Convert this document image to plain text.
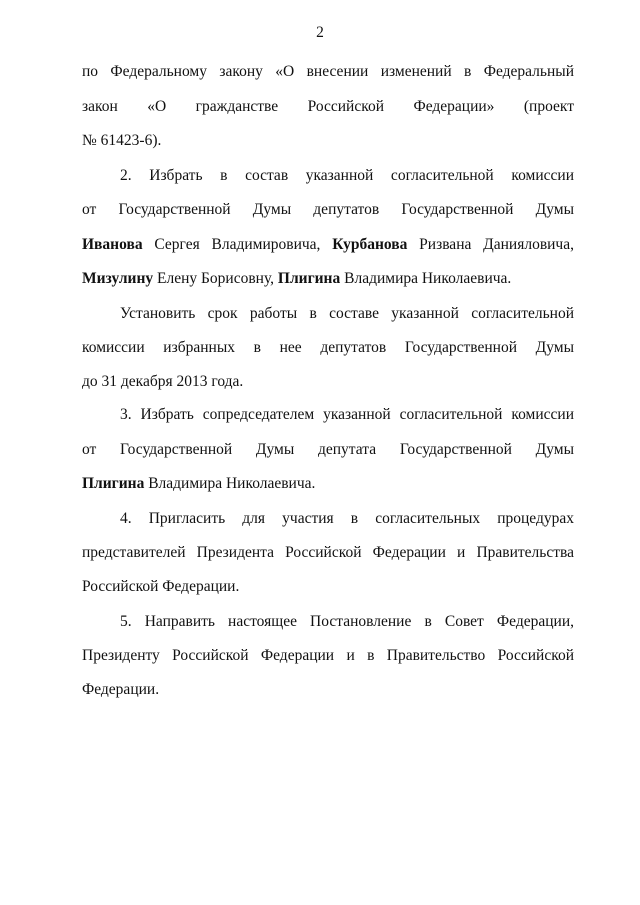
2
по Федеральному закону «О внесении изменений в Федеральный
закон «О гражданстве Российской Федерации» (проект
№ 61423-6).
2. Избрать в состав указанной согласительной комиссии
от Государственной Думы депутатов Государственной Думы
Иванова Сергея Владимировича, Курбанова Ризвана Данияловича,
Мизулину Елену Борисовну, Плигина Владимира Николаевича.
Установить срок работы в составе указанной согласительной
комиссии избранных в нее депутатов Государственной Думы
до 31 декабря 2013 года.
3. Избрать сопредседателем указанной согласительной комиссии
от Государственной Думы депутата Государственной Думы
Плигина Владимира Николаевича.
4. Пригласить для участия в согласительных процедурах
представителей Президента Российской Федерации и Правительства
Российской Федерации.
5. Направить настоящее Постановление в Совет Федерации,
Президенту Российской Федерации и в Правительство Российской
Федерации.
